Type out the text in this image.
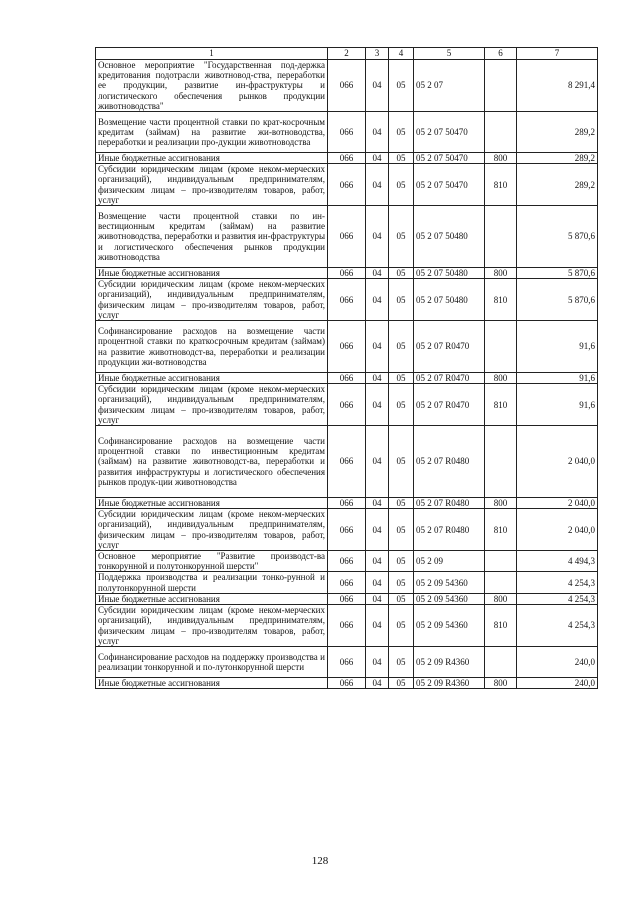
1	2	3	4	5	6	7
Основное мероприятие "Государственная под-держка кредитования подотрасли животновод-ства, переработки ее продукции, развитие ин-фраструктуры и логистического обеспечения рынков продукции животноводства"	066	04	05	05 2 07		8 291,4
Возмещение части процентной ставки по крат-косрочным кредитам (займам) на развитие жи-вотноводства, переработки и реализации про-дукции животноводства	066	04	05	05 2 07 50470		289,2
Иные бюджетные ассигнования	066	04	05	05 2 07 50470	800	289,2
Субсидии юридическим лицам (кроме неком-мерческих организаций), индивидуальным предпринимателям, физическим лицам – про-изводителям товаров, работ, услуг	066	04	05	05 2 07 50470	810	289,2
Возмещение части процентной ставки по ин-вестиционным кредитам (займам) на развитие животноводства, переработки и развития ин-фраструктуры и логистического обеспечения рынков продукции животноводства	066	04	05	05 2 07 50480		5 870,6
Иные бюджетные ассигнования	066	04	05	05 2 07 50480	800	5 870,6
Субсидии юридическим лицам (кроме неком-мерческих организаций), индивидуальным предпринимателям, физическим лицам – про-изводителям товаров, работ, услуг	066	04	05	05 2 07 50480	810	5 870,6
Софинансирование расходов на возмещение части процентной ставки по краткосрочным кредитам (займам) на развитие животноводст-ва, переработки и реализации продукции жи-вотноводства	066	04	05	05 2 07 R0470		91,6
Иные бюджетные ассигнования	066	04	05	05 2 07 R0470	800	91,6
Субсидии юридическим лицам (кроме неком-мерческих организаций), индивидуальным предпринимателям, физическим лицам – про-изводителям товаров, работ, услуг	066	04	05	05 2 07 R0470	810	91,6
Софинансирование расходов на возмещение части процентной ставки по инвестиционным кредитам (займам) на развитие животноводст-ва, переработки и развития инфраструктуры и логистического обеспечения рынков продук-ции животноводства	066	04	05	05 2 07 R0480		2 040,0
Иные бюджетные ассигнования	066	04	05	05 2 07 R0480	800	2 040,0
Субсидии юридическим лицам (кроме неком-мерческих организаций), индивидуальным предпринимателям, физическим лицам – про-изводителям товаров, работ, услуг	066	04	05	05 2 07 R0480	810	2 040,0
Основное мероприятие "Развитие производст-ва тонкорунной и полутонкорунной шерсти"	066	04	05	05 2 09		4 494,3
Поддержка производства и реализации тонко-рунной и полутонкорунной шерсти	066	04	05	05 2 09 54360		4 254,3
Иные бюджетные ассигнования	066	04	05	05 2 09 54360	800	4 254,3
Субсидии юридическим лицам (кроме неком-мерческих организаций), индивидуальным предпринимателям, физическим лицам – про-изводителям товаров, работ, услуг	066	04	05	05 2 09 54360	810	4 254,3
Софинансирование расходов на поддержку производства и реализации тонкорунной и по-лутонкорунной шерсти	066	04	05	05 2 09 R4360		240,0
Иные бюджетные ассигнования	066	04	05	05 2 09 R4360	800	240,0
128
